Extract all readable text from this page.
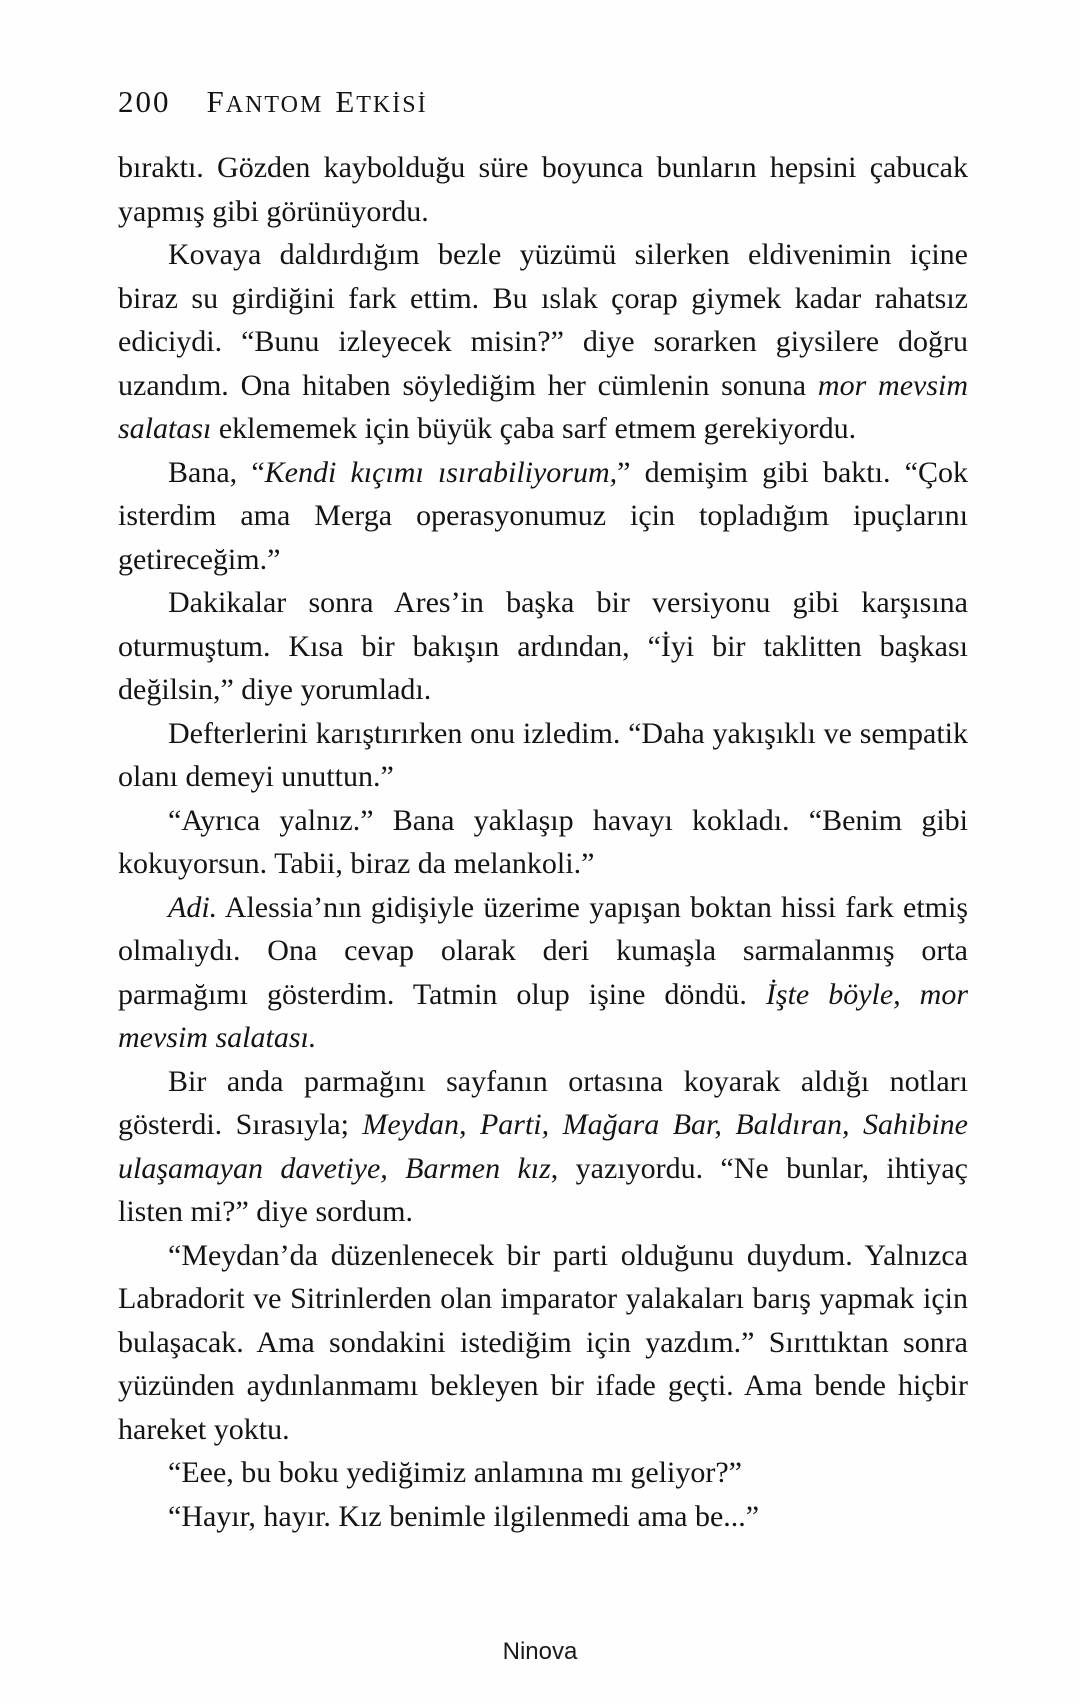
200 FANTOM ETKİSİ

bıraktı. Gözden kaybolduğu süre boyunca bunların hepsini çabucak yapmış gibi görünüyordu.

Kovaya daldırdığım bezle yüzümü silerken eldivenimin içine biraz su girdiğini fark ettim. Bu ıslak çorap giymek kadar rahatsız ediciydi. “Bunu izleyecek misin?” diye sorarken giysilere doğru uzandım. Ona hitaben söylediğim her cümlenin sonuna mor mevsim salatası eklememek için büyük çaba sarf etmem gerekiyordu.

Bana, “Kendi kıçımı ısırabiliyorum,” demişim gibi baktı. “Çok isterdim ama Merga operasyonumuz için topladığım ipuçlarını getireceğim.”

Dakikalar sonra Ares’in başka bir versiyonu gibi karşısına oturmuştum. Kısa bir bakışın ardından, “İyi bir taklitten başkası değilsin,” diye yorumladı.

Defterlerini karıştırırken onu izledim. “Daha yakışıklı ve sempatik olanı demeyi unuttun.”

“Ayrıca yalnız.” Bana yaklaşıp havayı kokladı. “Benim gibi kokuyorsun. Tabii, biraz da melankoli.”

Adi. Alessia’nın gidişiyle üzerime yapışan boktan hissi fark etmiş olmalıydı. Ona cevap olarak deri kumaşla sarmalanmış orta parmağımı gösterdim. Tatmin olup işine döndü. İşte böyle, mor mevsim salatası.

Bir anda parmağını sayfanın ortasına koyarak aldığı notları gösterdi. Sırasıyla; Meydan, Parti, Mağara Bar, Baldıran, Sahibine ulaşamayan davetiye, Barmen kız, yazıyordu. “Ne bunlar, ihtiyaç listen mi?” diye sordum.

“Meydan’da düzenlenecek bir parti olduğunu duydum. Yalnızca Labradorit ve Sitrinlerden olan imparator yalakaları barış yapmak için bulaşacak. Ama sondakini istediğim için yazdım.” Sırıttıktan sonra yüzünden aydınlanmamı bekleyen bir ifade geçti. Ama bende hiçbir hareket yoktu.

“Eee, bu boku yediğimiz anlamına mı geliyor?”

“Hayır, hayır. Kız benimle ilgilenmedi ama be...”

Ninova
